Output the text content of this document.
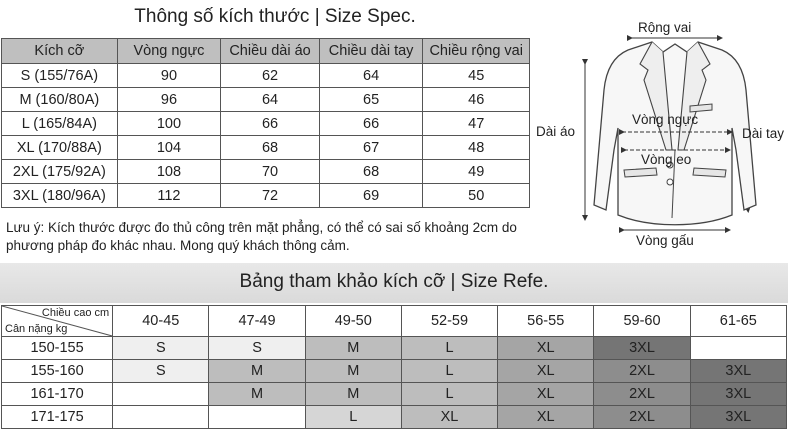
Thông số kích thước | Size Spec.
Kích cỡ	Vòng ngực	Chiều dài áo	Chiều dài tay	Chiều rộng vai
S (155/76A)	90	62	64	45
M (160/80A)	96	64	65	46
L (165/84A)	100	66	66	47
XL (170/88A)	104	68	67	48
2XL (175/92A)	108	70	68	49
3XL (180/96A)	112	72	69	50
Lưu ý: Kích thước được đo thủ công trên mặt phẳng, có thể có sai số khoảng 2cm do phương pháp đo khác nhau. Mong quý khách thông cảm.
Rộng vai
Dài áo	Dài tay
Vòng ngực
Vòng eo
Vòng gấu
Bảng tham khảo kích cỡ | Size Refe.
Chiều cao cm
Cân nặng kg	40-45	47-49	49-50	52-59	56-55	59-60	61-65
150-155	S	S	M	L	XL	3XL	
155-160	S	M	M	L	XL	2XL	3XL
161-170		M	M	L	XL	2XL	3XL
171-175			L	XL	XL	2XL	3XL
